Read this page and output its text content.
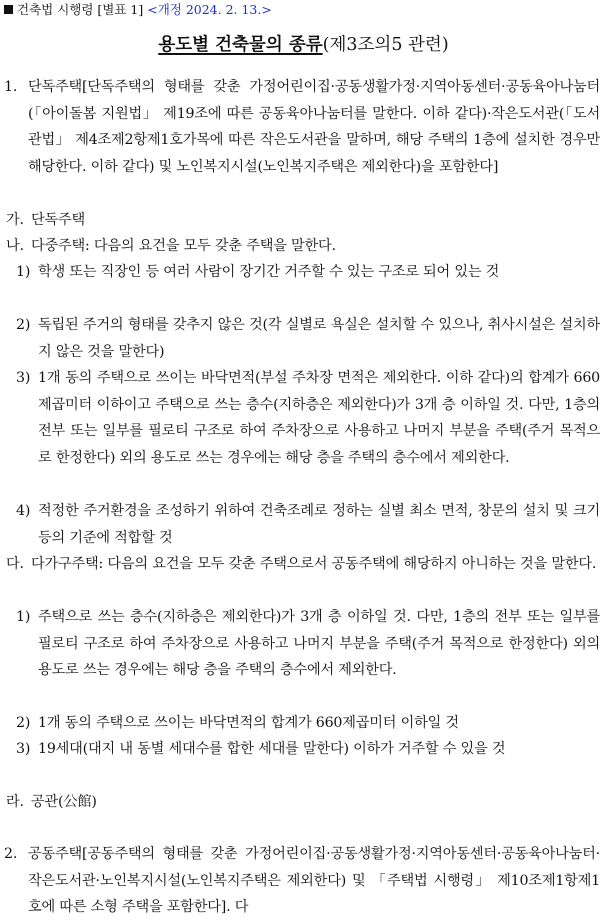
건축법 시행령 [별표 1] <개정 2024. 2. 13.>
용도별 건축물의 종류(제3조의5 관련)
1. 단독주택[단독주택의 형태를 갖춘 가정어린이집·공동생활가정·지역아동센터·공동육아나눔터(「아이돌봄 지원법」 제19조에 따른 공동육아나눔터를 말한다. 이하 같다)·작은도서관(「도서관법」 제4조제2항제1호가목에 따른 작은도서관을 말하며, 해당 주택의 1층에 설치한 경우만 해당한다. 이하 같다) 및 노인복지시설(노인복지주택은 제외한다)을 포함한다]
가. 단독주택
나. 다중주택: 다음의 요건을 모두 갖춘 주택을 말한다.
1) 학생 또는 직장인 등 여러 사람이 장기간 거주할 수 있는 구조로 되어 있는 것
2) 독립된 주거의 형태를 갖추지 않은 것(각 실별로 욕실은 설치할 수 있으나, 취사시설은 설치하지 않은 것을 말한다)
3) 1개 동의 주택으로 쓰이는 바닥면적(부설 주차장 면적은 제외한다. 이하 같다)의 합계가 660제곱미터 이하이고 주택으로 쓰는 층수(지하층은 제외한다)가 3개 층 이하일 것. 다만, 1층의 전부 또는 일부를 필로티 구조로 하여 주차장으로 사용하고 나머지 부분을 주택(주거 목적으로 한정한다) 외의 용도로 쓰는 경우에는 해당 층을 주택의 층수에서 제외한다.
4) 적정한 주거환경을 조성하기 위하여 건축조례로 정하는 실별 최소 면적, 창문의 설치 및 크기 등의 기준에 적합할 것
다. 다가구주택: 다음의 요건을 모두 갖춘 주택으로서 공동주택에 해당하지 아니하는 것을 말한다.
1) 주택으로 쓰는 층수(지하층은 제외한다)가 3개 층 이하일 것. 다만, 1층의 전부 또는 일부를 필로티 구조로 하여 주차장으로 사용하고 나머지 부분을 주택(주거 목적으로 한정한다) 외의 용도로 쓰는 경우에는 해당 층을 주택의 층수에서 제외한다.
2) 1개 동의 주택으로 쓰이는 바닥면적의 합계가 660제곱미터 이하일 것
3) 19세대(대지 내 동별 세대수를 합한 세대를 말한다) 이하가 거주할 수 있을 것
라. 공관(公館)
2. 공동주택[공동주택의 형태를 갖춘 가정어린이집·공동생활가정·지역아동센터·공동육아나눔터·작은도서관·노인복지시설(노인복지주택은 제외한다) 및 「주택법 시행령」 제10조제1항제1호에 따른 소형 주택을 포함한다]. 다
